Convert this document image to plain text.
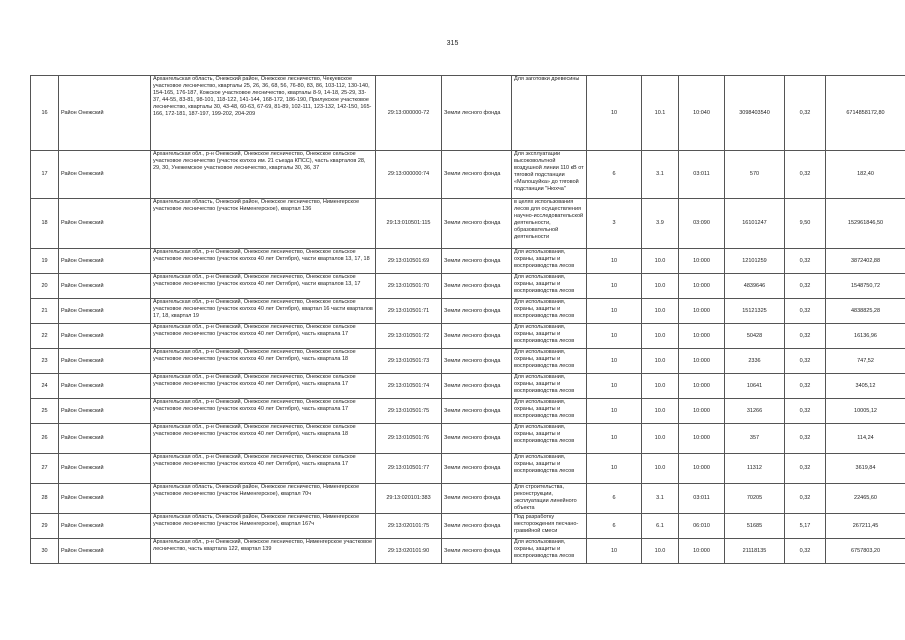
315
16	Район Онежский	Архангельская область, Онежский район, Онежское лесничество, Чекуевское участковое лесничество, кварталы 25, 26, 36, 68, 56, 76-80, 83, 86, 103-112, 130-140, 154-165, 176-187, Кожское участковое лесничество, кварталы 8-9, 14-18, 25-29, 33-37, 44-55, 83-81, 98-101, 118-122, 141-144, 168-172, 186-190, Прилукское участковое лесничество, кварталы 30, 43-48, 60-63, 67-69, 81-89, 102-111, 123-132, 142-150, 165-166, 172-181, 187-197, 199-202, 204-209	29:13:000000-72	Земли лесного фонда	Для заготовки древесины	10	10.1	10:040	3098403540	0,32	6714858172,80
17	Район Онежский	Архангельская обл., р-н Онежский, Онежское лесничество, Онежское сельское участковое лесничество (участок колхоз им. 21 съезда КПСС), часть кварталов 28, 29, 30, Унежемское участковое лесничество, кварталы 30, 36, 37	29:13:000000:74	Земли лесного фонда	Для эксплуатации высоковольтной воздушной линии 110 кВ от тяговой подстанции «Малошуйка» до тяговой подстанции "Нюхча"	6	3.1	03:011	570	0,32	182,40
18	Район Онежский	Архангельская область, Онежский район, Онежское лесничество, Нименгерское участковое лесничество (участок Нименгерское), квартал 136	29:13:010501:115	Земли лесного фонда	в целях использования лесов для осуществления научно-исследовательской деятельности, образовательной деятельности	3	3.9	03:090	16101247	9,50	152961846,50
19	Район Онежский	Архангельская обл., р-н Онежский, Онежское лесничество, Онежское сельское участковое лесничество (участок колхоз 40 лет Октября), части кварталов 13, 17, 18	29:13:010501:69	Земли лесного фонда	Для использования, охраны, защиты и воспроизводства лесов	10	10.0	10:000	12101259	0,32	3872402,88
20	Район Онежский	Архангельская обл., р-н Онежский, Онежское лесничество, Онежское сельское участковое лесничество (участок колхоз 40 лет Октября), части кварталов 13, 17	29:13:010501:70	Земли лесного фонда	Для использования, охраны, защиты и воспроизводства лесов	10	10.0	10:000	4839646	0,32	1548750,72
21	Район Онежский	Архангельская обл., р-н Онежский, Онежское лесничество, Онежское сельское участковое лесничество (участок колхоз 40 лет Октября), квартал 16 части кварталов 17, 18, квартал 19	29:13:010501:71	Земли лесного фонда	Для использования, охраны, защиты и воспроизводства лесов	10	10.0	10:000	15121325	0,32	4838825,28
22	Район Онежский	Архангельская обл., р-н Онежский, Онежское лесничество, Онежское сельское участковое лесничество (участок колхоз 40 лет Октября), часть квартала 17	29:13:010501:72	Земли лесного фонда	Для использования, охраны, защиты и воспроизводства лесов	10	10.0	10:000	50428	0,32	16136,96
23	Район Онежский	Архангельская обл., р-н Онежский, Онежское лесничество, Онежское сельское участковое лесничество (участок колхоз 40 лет Октября), часть квартала 18	29:13:010501:73	Земли лесного фонда	Для использования, охраны, защиты и воспроизводства лесов	10	10.0	10:000	2336	0,32	747,52
24	Район Онежский	Архангельская обл., р-н Онежский, Онежское лесничество, Онежское сельское участковое лесничество (участок колхоз 40 лет Октября), часть квартала 17	29:13:010501:74	Земли лесного фонда	Для использования, охраны, защиты и воспроизводства лесов	10	10.0	10:000	10641	0,32	3405,12
25	Район Онежский	Архангельская обл., р-н Онежский, Онежское лесничество, Онежское сельское участковое лесничество (участок колхоз 40 лет Октября), часть квартала 17	29:13:010501:75	Земли лесного фонда	Для использования, охраны, защиты и воспроизводства лесов	10	10.0	10:000	31266	0,32	10005,12
26	Район Онежский	Архангельская обл., р-н Онежский, Онежское лесничество, Онежское сельское участковое лесничество (участок колхоз 40 лет Октября), часть квартала 18	29:13:010501:76	Земли лесного фонда	Для использования, охраны, защиты и воспроизводства лесов	10	10.0	10:000	357	0,32	114,24
27	Район Онежский	Архангельская обл., р-н Онежский, Онежское лесничество, Онежское сельское участковое лесничество (участок колхоз 40 лет Октября), часть квартала 17	29:13:010501:77	Земли лесного фонда	Для использования, охраны, защиты и воспроизводства лесов	10	10.0	10:000	11312	0,32	3619,84
28	Район Онежский	Архангельская область, Онежский район, Онежское лесничество, Нименгерское участковое лесничество (участок Нименгерское), квартал 70ч	29:13:020101:383	Земли лесного фонда	Для строительства, реконструкции, эксплуатации линейного объекта	6	3.1	03:011	70205	0,32	22465,60
29	Район Онежский	Архангельская область, Онежский район, Онежское лесничество, Нименгерское участковое лесничество (участок Нименгерское), квартал 167ч	29:13:020101:75	Земли лесного фонда	Под разработку месторождения песчано-гравийной смеси	6	6.1	06:010	51685	5,17	267211,45
30	Район Онежский	Архангельская обл., р-н Онежский, Онежское лесничество, Нименгерское участковое лесничество, часть квартала 122, квартал 139	29:13:020101:90	Земли лесного фонда	Для использования, охраны, защиты и воспроизводства лесов	10	10.0	10:000	21118135	0,32	6757803,20
